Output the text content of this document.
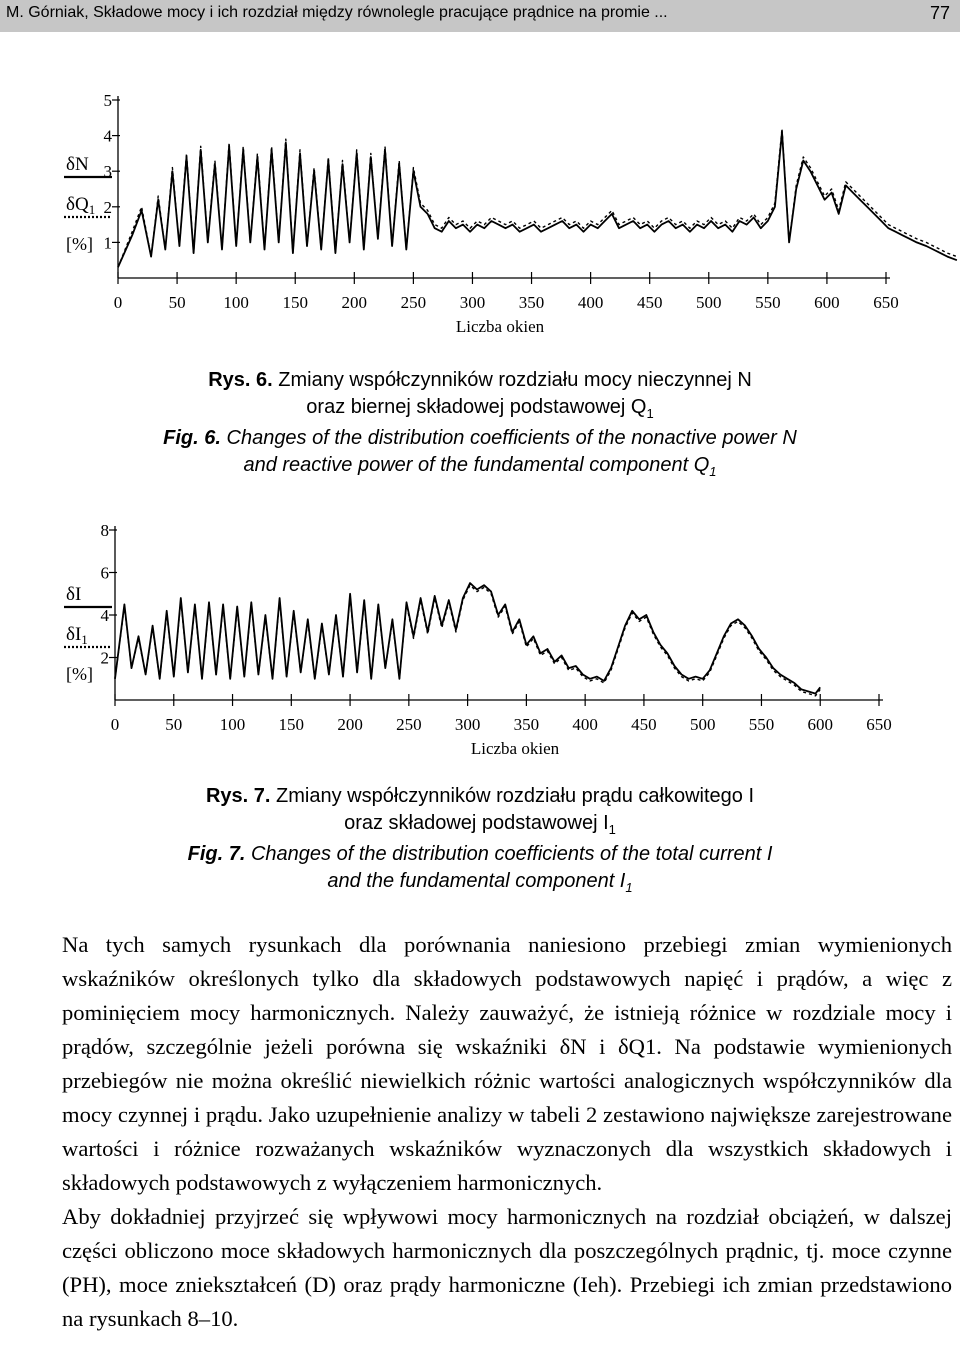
M. Górniak, Składowe mocy i ich rozdział między równolegle pracujące prądnice na promie ...	77
0	50 100 150 200 250 300 350 400 450 500 550 600 650
1
2
3
4
5
Liczba okien
δN
$\delta Q_1$
[%]
0	50 100 150 200 250 300 350 400 450 500 550 600 650
2
4
6
8
Liczba okien
δI
$\delta I_1$
[%]
Rys. 6. Zmiany współczynników rozdziału mocy nieczynnej N
oraz biernej składowej podstawowej $Q_1$
Fig. 6. Changes of the distribution coefficients of the nonactive power N
and reactive power of the fundamental component $Q_1$
Rys. 7. Zmiany współczynników rozdziału prądu całkowitego I
oraz składowej podstawowej $I_1$
Fig. 7. Changes of the distribution coefficients of the total current I
and the fundamental component $I_1$

Na tych samych rysunkach dla porównania naniesiono przebiegi zmian wymienionych wskaźników określonych tylko dla składowych podstawowych napięć i prądów, a więc z pominięciem mocy harmonicznych. Należy zauważyć, że istnieją różnice w rozdziale mocy i prądów, szczególnie jeżeli porówna się wskaźniki δN i δQ1. Na podstawie wymienionych przebiegów nie można określić niewielkich różnic wartości analogicznych współczynników dla mocy czynnej i prądu. Jako uzupełnienie analizy w tabeli 2 zestawiono największe zarejestrowane wartości i różnice rozważanych wskaźników wyznaczonych dla wszystkich składowych i składowych podstawowych z wyłączeniem harmonicznych.

Aby dokładniej przyjrzeć się wpływowi mocy harmonicznych na rozdział obciążeń, w dalszej części obliczono moce składowych harmonicznych dla poszczególnych prądnic, tj. moce czynne (PH), moce zniekształceń (D) oraz prądy harmoniczne (Ieh). Przebiegi ich zmian przedstawiono na rysunkach 8–10.
